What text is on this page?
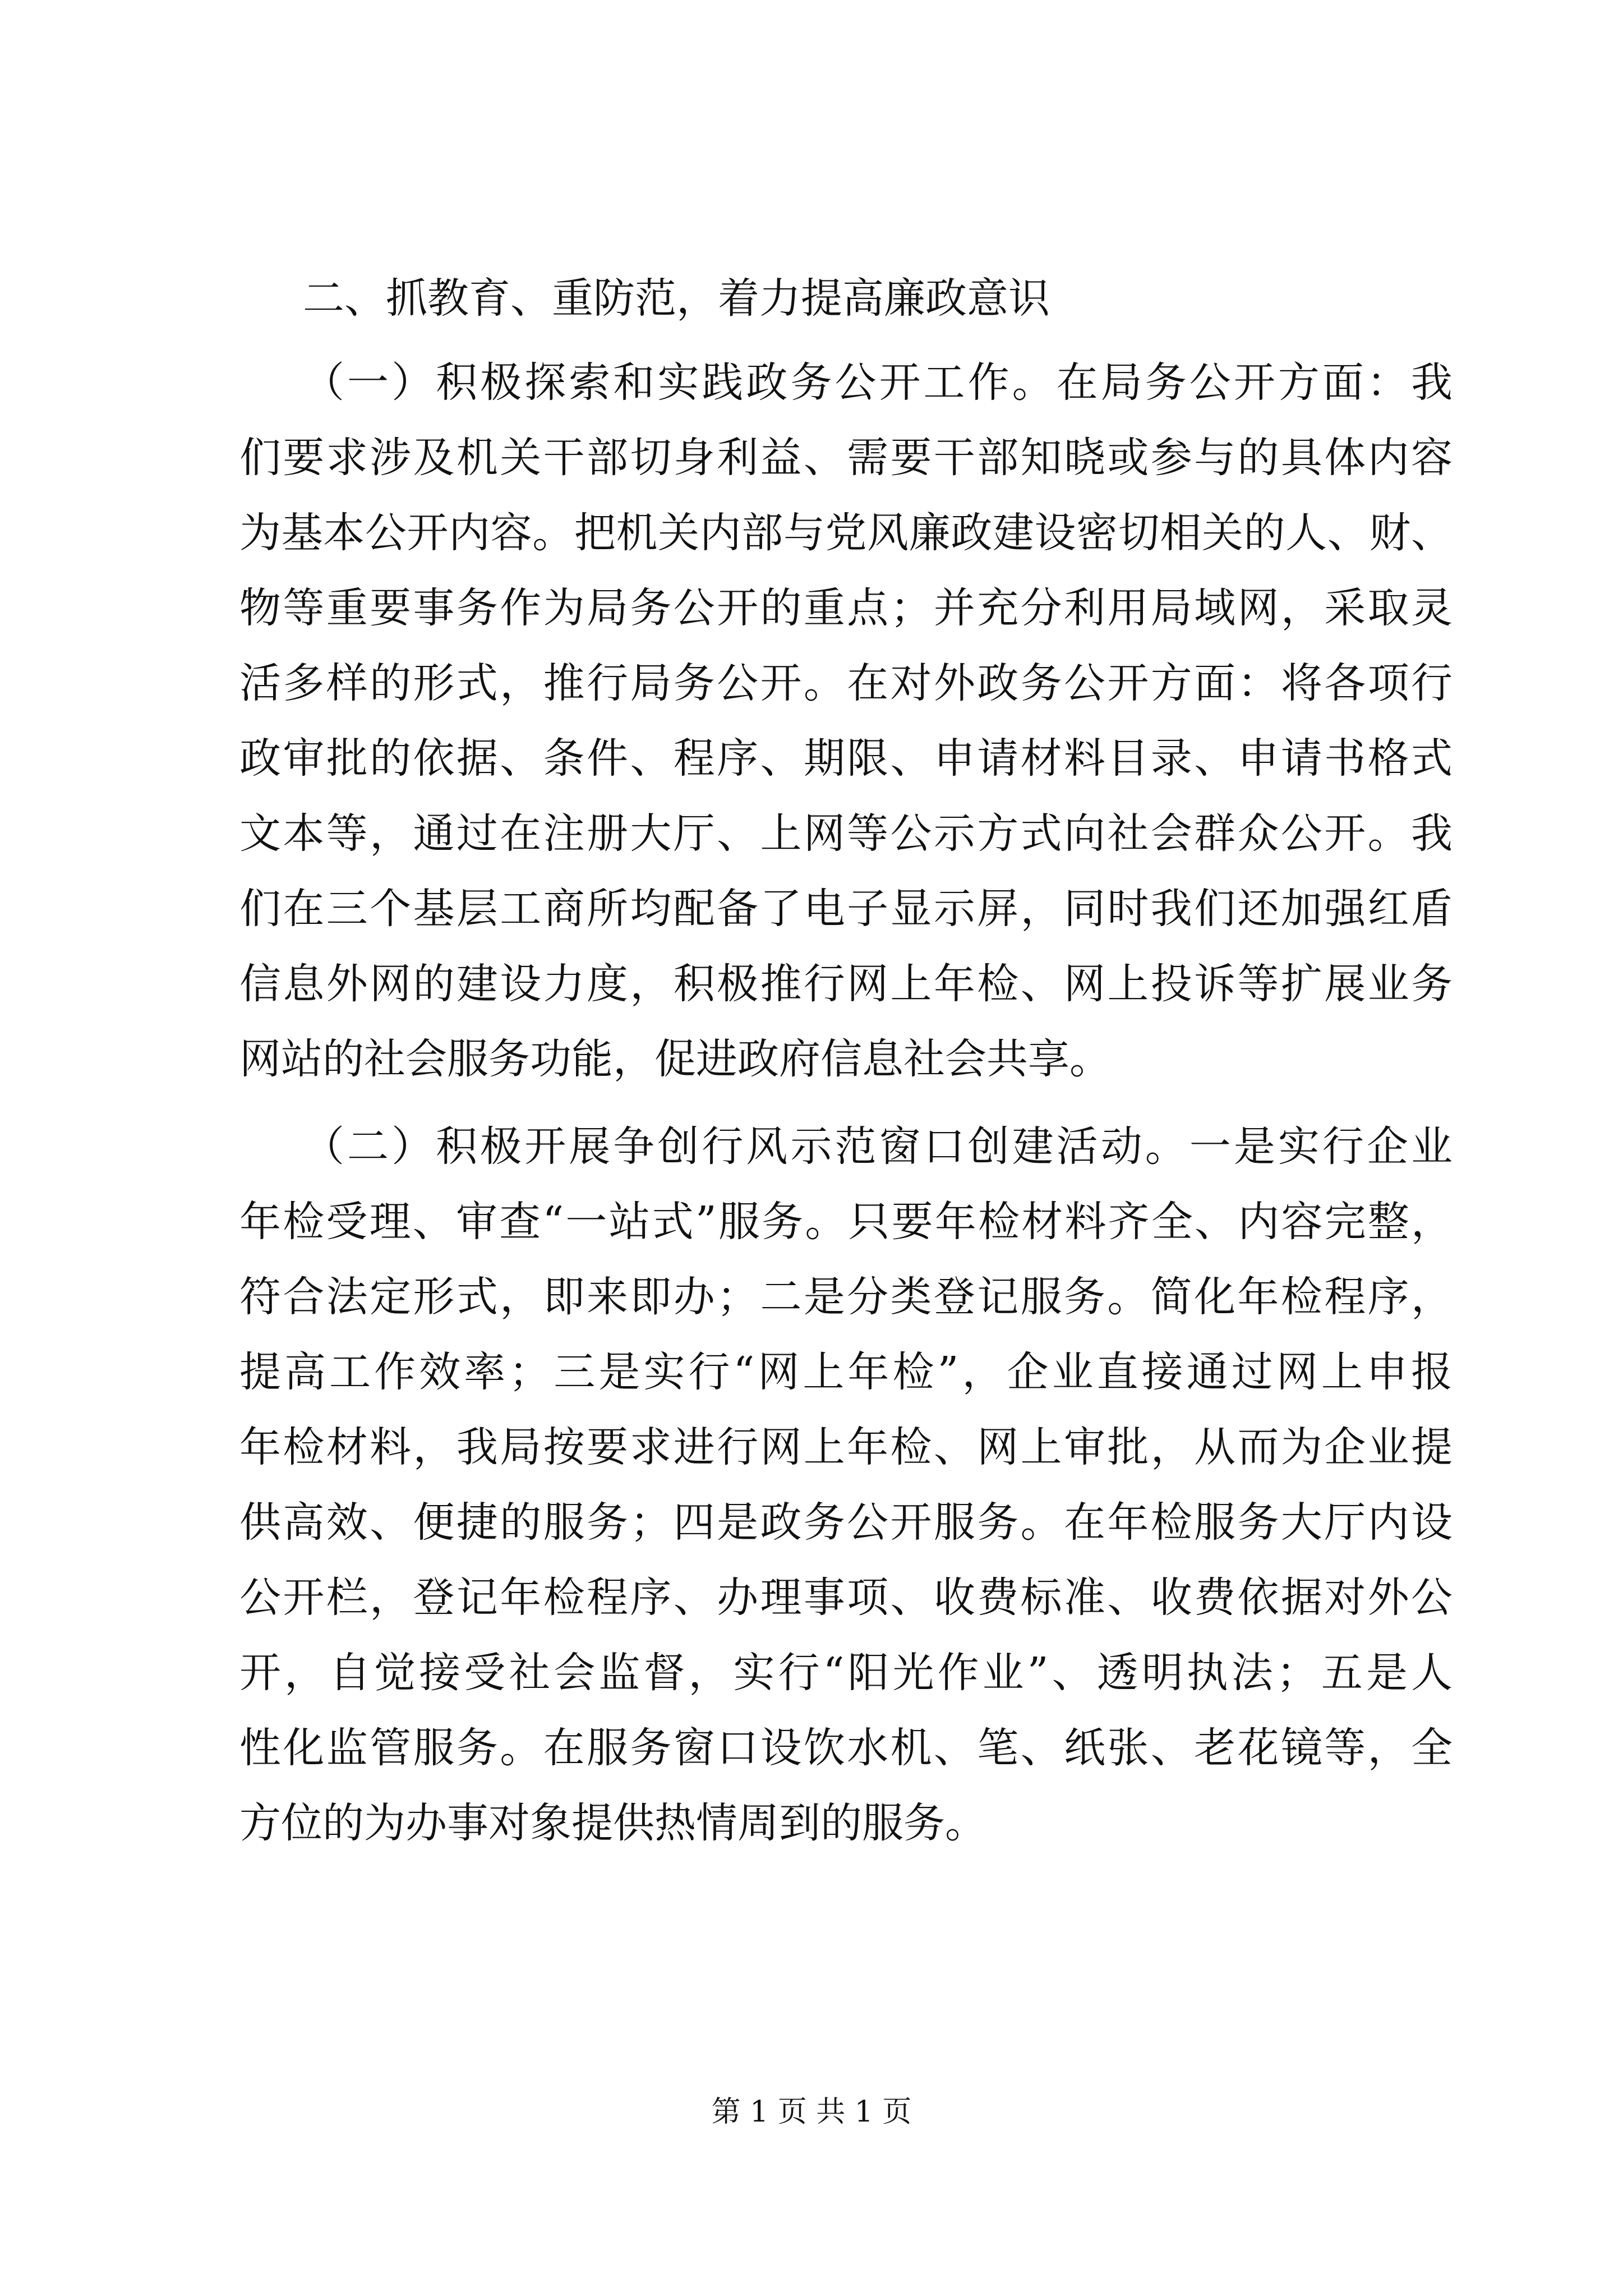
二、抓教育、重防范，着力提高廉政意识
（一）积极探索和实践政务公开工作。在局务公开方面：我
们要求涉及机关干部切身利益、需要干部知晓或参与的具体内容
为基本公开内容。把机关内部与党风廉政建设密切相关的人、财、
物等重要事务作为局务公开的重点；并充分利用局域网，采取灵
活多样的形式，推行局务公开。在对外政务公开方面：将各项行
政审批的依据、条件、程序、期限、申请材料目录、申请书格式
文本等，通过在注册大厅、上网等公示方式向社会群众公开。我
们在三个基层工商所均配备了电子显示屏，同时我们还加强红盾
信息外网的建设力度，积极推行网上年检、网上投诉等扩展业务
网站的社会服务功能，促进政府信息社会共享。
（二）积极开展争创行风示范窗口创建活动。一是实行企业
年检受理、审查“一站式”服务。只要年检材料齐全、内容完整，
符合法定形式，即来即办；二是分类登记服务。简化年检程序，
提高工作效率；三是实行“网上年检”，企业直接通过网上申报
年检材料，我局按要求进行网上年检、网上审批，从而为企业提
供高效、便捷的服务；四是政务公开服务。在年检服务大厅内设
公开栏，登记年检程序、办理事项、收费标准、收费依据对外公
开，自觉接受社会监督，实行“阳光作业”、透明执法；五是人
性化监管服务。在服务窗口设饮水机、笔、纸张、老花镜等，全
方位的为办事对象提供热情周到的服务。
第 1 页 共 1 页
